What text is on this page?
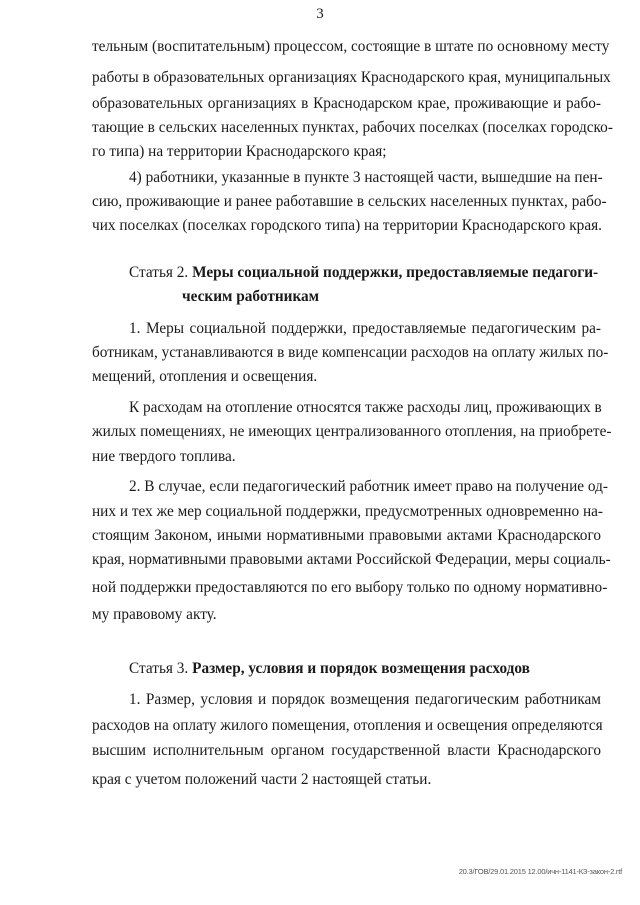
3
тельным (воспитательным) процессом, состоящие в штате по основному месту
работы в образовательных организациях Краснодарского края, муниципальных
образовательных организациях в Краснодарском крае, проживающие и рабо-
тающие в сельских населенных пунктах, рабочих поселках (поселках городско-
го типа) на территории Краснодарского края;
4) работники, указанные в пункте 3 настоящей части, вышедшие на пен-
сию, проживающие и ранее работавшие в сельских населенных пунктах, рабо-
чих поселках (поселках городского типа) на территории Краснодарского края.
Статья 2. Меры социальной поддержки, предоставляемые педагоги-
ческим работникам
1. Меры социальной поддержки, предоставляемые педагогическим ра-
ботникам, устанавливаются в виде компенсации расходов на оплату жилых по-
мещений, отопления и освещения.
К расходам на отопление относятся также расходы лиц, проживающих в
жилых помещениях, не имеющих централизованного отопления, на приобрете-
ние твердого топлива.
2. В случае, если педагогический работник имеет право на получение од-
них и тех же мер социальной поддержки, предусмотренных одновременно на-
стоящим Законом, иными нормативными правовыми актами Краснодарского
края, нормативными правовыми актами Российской Федерации, меры социаль-
ной поддержки предоставляются по его выбору только по одному нормативно-
му правовому акту.
Статья 3. Размер, условия и порядок возмещения расходов
1. Размер, условия и порядок возмещения педагогическим работникам
расходов на оплату жилого помещения, отопления и освещения определяются
высшим исполнительным органом государственной власти Краснодарского
края с учетом положений части 2 настоящей статьи.
20.3/ГОВ/29.01.2015 12.00/ичн-1141-КЗ-закон-2.rtf
